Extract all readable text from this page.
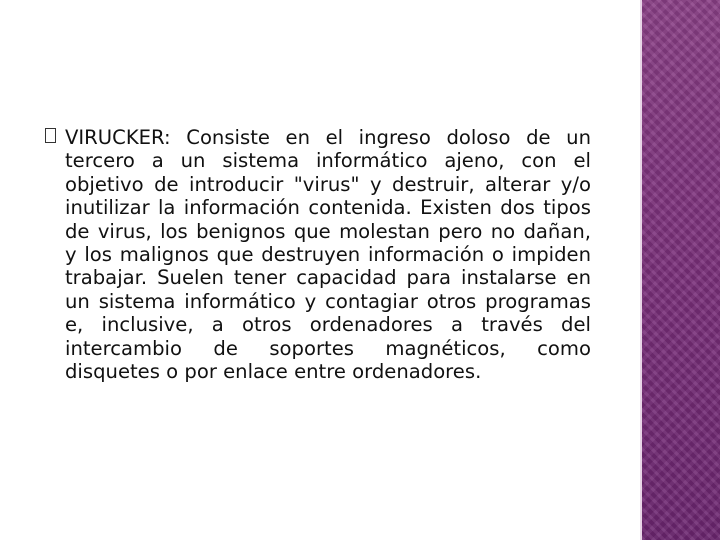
VIRUCKER: Consiste en el ingreso doloso de un tercero a un sistema informático ajeno, con el objetivo de introducir "virus" y destruir, alterar y/o inutilizar la información contenida. Existen dos tipos de virus, los benignos que molestan pero no dañan, y los malignos que destruyen información o impiden trabajar. Suelen tener capacidad para instalarse en un sistema informático y contagiar otros programas e, inclusive, a otros ordenadores a través del intercambio de soportes magnéticos, como disquetes o por enlace entre ordenadores.
